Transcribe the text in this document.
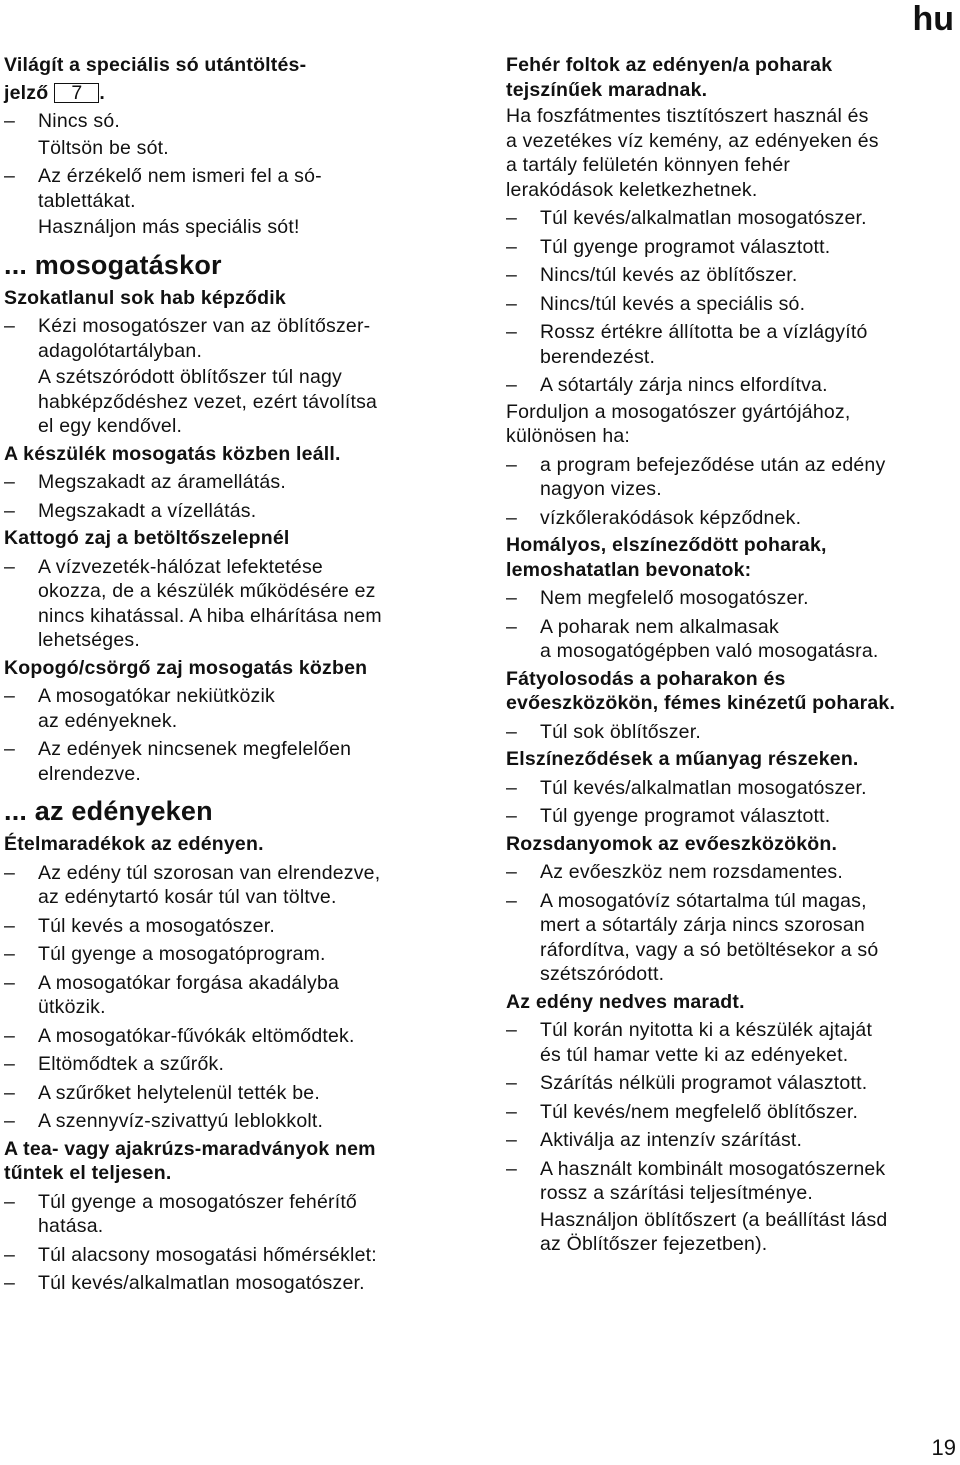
hu
Világít a speciális só utántöltés-
jelző 7 .
– Nincs só.
Töltsön be sót.
– Az érzékelő nem ismeri fel a só-
tablettákat.
Használjon más speciális sót!
... mosogatáskor
Szokatlanul sok hab képződik
– Kézi mosogatószer van az öblítőszer-
adagolótartályban.
A szétszóródott öblítőszer túl nagy
habképződéshez vezet, ezért távolítsa
el egy kendővel.
A készülék mosogatás közben leáll.
– Megszakadt az áramellátás.
– Megszakadt a vízellátás.
Kattogó zaj a betöltőszelepnél
– A vízvezeték-hálózat lefektetése
okozza, de a készülék működésére ez
nincs kihatással. A hiba elhárítása nem
lehetséges.
Kopogó/csörgő zaj mosogatás közben
– A mosogatókar nekiütközik
az edényeknek.
– Az edények nincsenek megfelelően
elrendezve.
... az edényeken
Ételmaradékok az edényen.
– Az edény túl szorosan van elrendezve,
az edénytartó kosár túl van töltve.
– Túl kevés a mosogatószer.
– Túl gyenge a mosogatóprogram.
– A mosogatókar forgása akadályba
ütközik.
– A mosogatókar-fűvókák eltömődtek.
– Eltömődtek a szűrők.
– A szűrőket helytelenül tették be.
– A szennyvíz-szivattyú leblokkolt.
A tea- vagy ajakrúzs-maradványok nem
tűntek el teljesen.
– Túl gyenge a mosogatószer fehérítő
hatása.
– Túl alacsony mosogatási hőmérséklet:
– Túl kevés/alkalmatlan mosogatószer.
Fehér foltok az edényen/a poharak
tejszínűek maradnak.
Ha foszfátmentes tisztítószert használ és
a vezetékes víz kemény, az edényeken és
a tartály felületén könnyen fehér
lerakódások keletkezhetnek.
– Túl kevés/alkalmatlan mosogatószer.
– Túl gyenge programot választott.
– Nincs/túl kevés az öblítőszer.
– Nincs/túl kevés a speciális só.
– Rossz értékre állította be a vízlágyító
berendezést.
– A sótartály zárja nincs elfordítva.
Forduljon a mosogatószer gyártójához,
különösen ha:
– a program befejeződése után az edény
nagyon vizes.
– vízkőlerakódások képződnek.
Homályos, elszíneződött poharak,
lemoshatatlan bevonatok:
– Nem megfelelő mosogatószer.
– A poharak nem alkalmasak
a mosogatógépben való mosogatásra.
Fátyolosodás a poharakon és
evőeszközökön, fémes kinézetű poharak.
– Túl sok öblítőszer.
Elszíneződések a műanyag részeken.
– Túl kevés/alkalmatlan mosogatószer.
– Túl gyenge programot választott.
Rozsdanyomok az evőeszközökön.
– Az evőeszköz nem rozsdamentes.
– A mosogatóvíz sótartalma túl magas,
mert a sótartály zárja nincs szorosan
ráfordítva, vagy a só betöltésekor a só
szétszóródott.
Az edény nedves maradt.
– Túl korán nyitotta ki a készülék ajtaját
és túl hamar vette ki az edényeket.
– Szárítás nélküli programot választott.
– Túl kevés/nem megfelelő öblítőszer.
– Aktiválja az intenzív szárítást.
– A használt kombinált mosogatószernek
rossz a szárítási teljesítménye.
Használjon öblítőszert (a beállítást lásd
az Öblítőszer fejezetben).
19
